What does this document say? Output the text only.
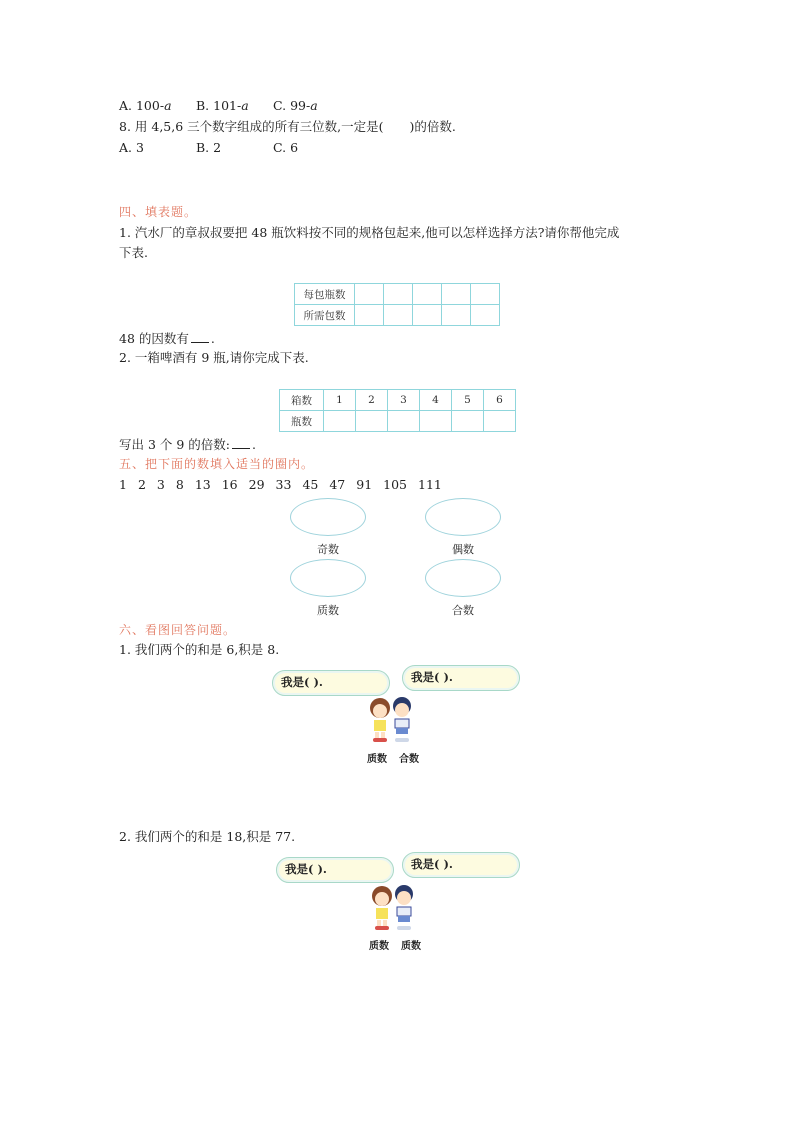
A. 100-a B. 101-a C. 99-a
8. 用 4,5,6 三个数字组成的所有三位数,一定是( )的倍数.
A. 3	B. 2	C. 6
四、填表题。
1. 汽水厂的章叔叔要把 48 瓶饮料按不同的规格包起来,他可以怎样选择方法?请你帮他完成
下表.
每包瓶数					
所需包数					
48 的因数有 .
2. 一箱啤酒有 9 瓶,请你完成下表.
箱数	1	2	3	4	5	6
瓶数						
写出 3 个 9 的倍数: .
五、把下面的数填入适当的圈内。
1 2 3 8 13 16 29 33 45 47 91 105 111
奇数	偶数
质数	合数
六、看图回答问题。
1. 我们两个的和是 6,积是 8.
我是( ).	我是( ).
质数 合数
2. 我们两个的和是 18,积是 77.
我是( ).	我是( ).
质数 质数
